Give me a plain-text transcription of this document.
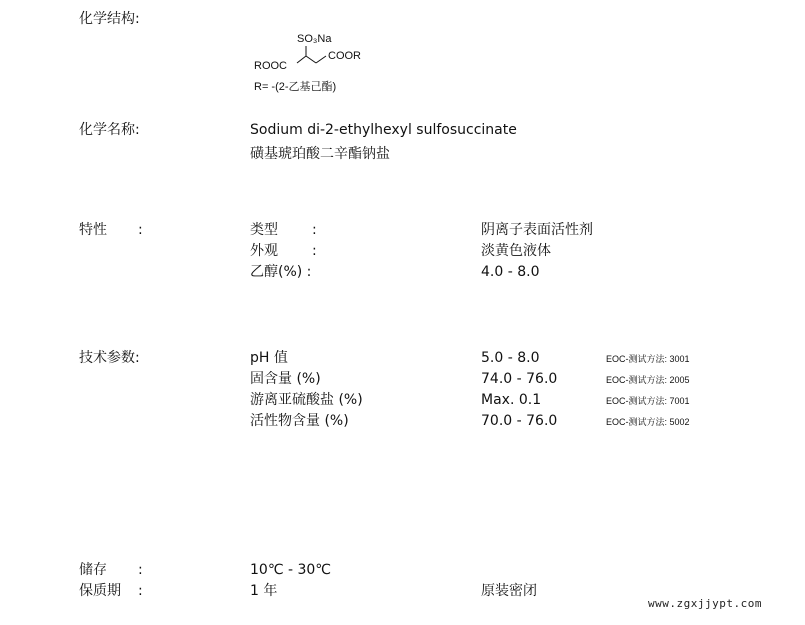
化学结构:
SO₃Na
ROOC
COOR
R= -(2-乙基己酯)
化学名称:	Sodium di-2-ethylhexyl sulfosuccinate
磺基琥珀酸二辛酯钠盐
特性 :	类型 :	阴离子表面活性剂
外观 :	淡黄色液体
乙醇(%) :	4.0 - 8.0
技术参数:	pH 值	5.0 - 8.0	EOC-测试方法: 3001
固含量 (%)	74.0 - 76.0	EOC-测试方法: 2005
游离亚硫酸盐 (%)	Max. 0.1	EOC-测试方法: 7001
活性物含量 (%)	70.0 - 76.0	EOC-测试方法: 5002
储存 :	10℃ - 30℃
保质期 :	1 年	原装密闭
www.zgxjjypt.com
